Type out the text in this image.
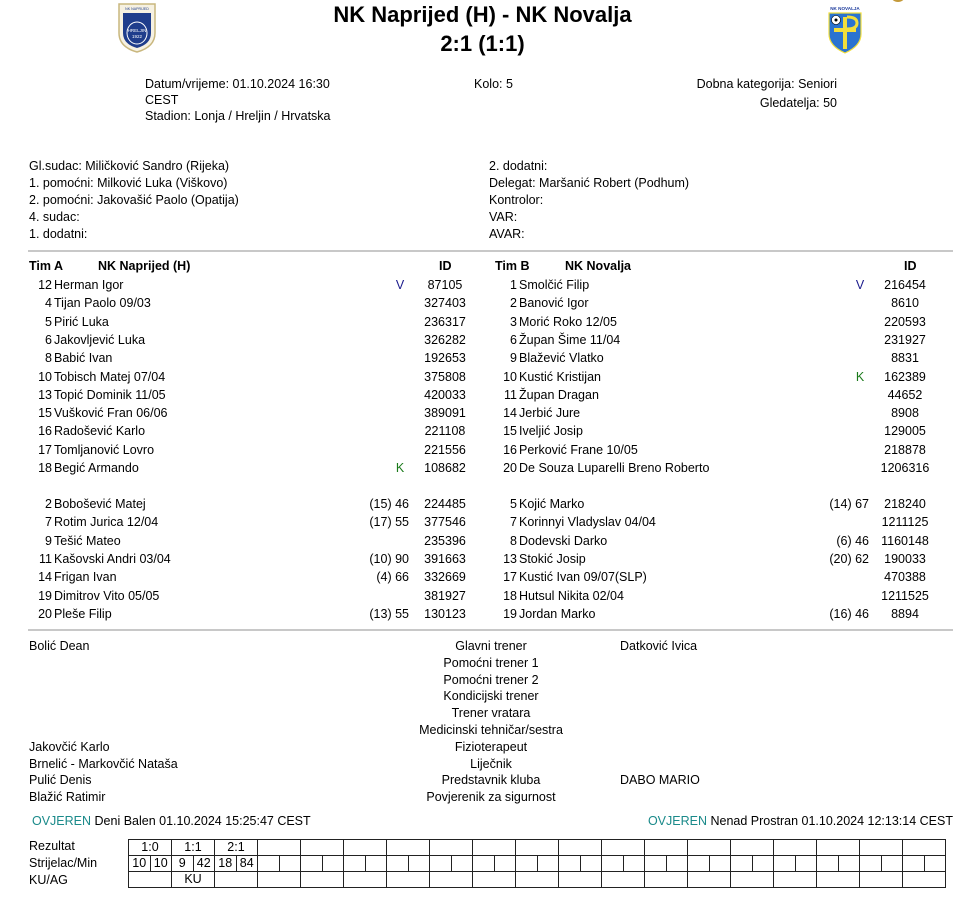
NK NAPRIJED
HRELJIN
1922
NK NOVALJA
NK Naprijed (H) - NK Novalja
2:1 (1:1)
Datum/vrijeme: 01.10.2024 16:30
CEST
Stadion: Lonja / Hreljin / Hrvatska
Kolo: 5	Dobna kategorija: Seniori
Gledatelja: 50
Gl.sudac: Miličković Sandro (Rijeka)
1. pomoćni: Milković Luka (Viškovo)
2. pomoćni: Jakovašić Paolo (Opatija)
4. sudac:
1. dodatni:
2. dodatni:
Delegat: Maršanić Robert (Podhum)
Kontrolor:
VAR:
AVAR:
Tim A	NK Naprijed (H)	ID	Tim B	NK Novalja	ID
12 Herman Igor	V	87105
4 Tijan Paolo 09/03	327403
5 Pirić Luka	236317
6 Jakovljević Luka	326282
8 Babić Ivan	192653
10 Tobisch Matej 07/04	375808
13 Topić Dominik 11/05	420033
15 Vušković Fran 06/06	389091
16 Radošević Karlo	221108
17 Tomljanović Lovro	221556
18 Begić Armando	K	108682
2 Bobošević Matej	(15) 46	224485
7 Rotim Jurica 12/04	(17) 55	377546
9 Tešić Mateo	235396
11 Kašovski Andri 03/04	(10) 90	391663
14 Frigan Ivan	(4) 66	332669
19 Dimitrov Vito 05/05	381927
20 Pleše Filip	(13) 55	130123
1 Smolčić Filip	V	216454
2 Banović Igor	8610
3 Morić Roko 12/05	220593
6 Župan Šime 11/04	231927
9 Blažević Vlatko	8831
10 Kustić Kristijan	K	162389
11 Župan Dragan	44652
14 Jerbić Jure	8908
15 Iveljić Josip	129005
16 Perković Frane 10/05	218878
20 De Souza Luparelli Breno Roberto	1206316
5 Kojić Marko	(14) 67	218240
7 Korinnyi Vladyslav 04/04	1211125
8 Dodevski Darko	(6) 46 1160148
13 Stokić Josip	(20) 62	190033
17 Kustić Ivan 09/07(SLP)	470388
18 Hutsul Nikita 02/04	1211525
19 Jordan Marko	(16) 46	8894
Bolić Dean	Glavni trener	Datković Ivica
Pomoćni trener 1
Pomoćni trener 2
Kondicijski trener
Trener vratara
Medicinski tehničar/sestra
Jakovčić Karlo	Fizioterapeut
Brnelić - Markovčić Nataša	Liječnik
Pulić Denis	Predstavnik kluba	DABO MARIO
Blažić Ratimir	Povjerenik za sigurnost
OVJEREN Deni Balen 01.10.2024 15:25:47 CEST	OVJEREN Nenad Prostran 01.10.2024 12:13:14 CEST
Rezultat
Strijelac/Min
KU/AG
1:0		1:1		2:1																																	
10	10	9	42	18	84																																
		KU																																			
